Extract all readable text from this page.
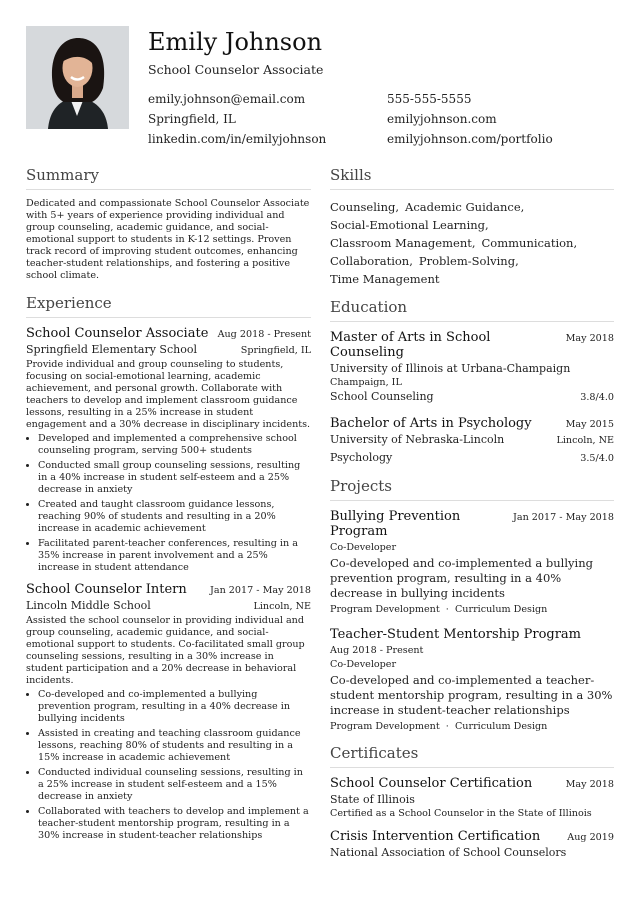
Emily Johnson
School Counselor Associate
emily.johnson@email.com
Springfield, IL
linkedin.com/in/emilyjohnson
555-555-5555
emilyjohnson.com
emilyjohnson.com/portfolio
Summary
Dedicated and compassionate School Counselor Associate with 5+ years of experience providing individual and group counseling, academic guidance, and social-emotional support to students in K-12 settings. Proven track record of improving student outcomes, enhancing teacher-student relationships, and fostering a positive school climate.
Experience
School Counselor Associate Aug 2018 - Present
Springfield Elementary School	Springfield, IL
Provide individual and group counseling to students, focusing on social-emotional learning, academic achievement, and personal growth. Collaborate with teachers to develop and implement classroom guidance lessons, resulting in a 25% increase in student engagement and a 30% decrease in disciplinary incidents.
• Developed and implemented a comprehensive school counseling program, serving 500+ students
• Conducted small group counseling sessions, resulting in a 40% increase in student self-esteem and a 25% decrease in anxiety
• Created and taught classroom guidance lessons, reaching 90% of students and resulting in a 20% increase in academic achievement
• Facilitated parent-teacher conferences, resulting in a 35% increase in parent involvement and a 25% increase in student attendance
School Counselor Intern Jan 2017 - May 2018
Lincoln Middle School	Lincoln, NE
Assisted the school counselor in providing individual and group counseling, academic guidance, and social-emotional support to students. Co-facilitated small group counseling sessions, resulting in a 30% increase in student participation and a 20% decrease in behavioral incidents.
• Co-developed and co-implemented a bullying prevention program, resulting in a 40% decrease in bullying incidents
• Assisted in creating and teaching classroom guidance lessons, reaching 80% of students and resulting in a 15% increase in academic achievement
• Conducted individual counseling sessions, resulting in a 25% increase in student self-esteem and a 15% decrease in anxiety
• Collaborated with teachers to develop and implement a teacher-student mentorship program, resulting in a 30% increase in student-teacher relationships
Skills
Counseling, Academic Guidance,
Social-Emotional Learning,
Classroom Management, Communication,
Collaboration, Problem-Solving,
Time Management
Education
Master of Arts in School Counseling
May 2018
University of Illinois at Urbana-Champaign
Champaign, IL
School Counseling	3.8/4.0
Bachelor of Arts in Psychology	May 2015
University of Nebraska-Lincoln	Lincoln, NE
Psychology	3.5/4.0
Projects
Bullying Prevention Program
Jan 2017 - May 2018
Co-Developer
Co-developed and co-implemented a bullying prevention program, resulting in a 40% decrease in bullying incidents
Program Development · Curriculum Design
Teacher-Student Mentorship Program
Aug 2018 - Present
Co-Developer
Co-developed and co-implemented a teacher-student mentorship program, resulting in a 30% increase in student-teacher relationships
Program Development · Curriculum Design
Certificates
School Counselor Certification	May 2018
State of Illinois
Certified as a School Counselor in the State of Illinois
Crisis Intervention Certification	Aug 2019
National Association of School Counselors
